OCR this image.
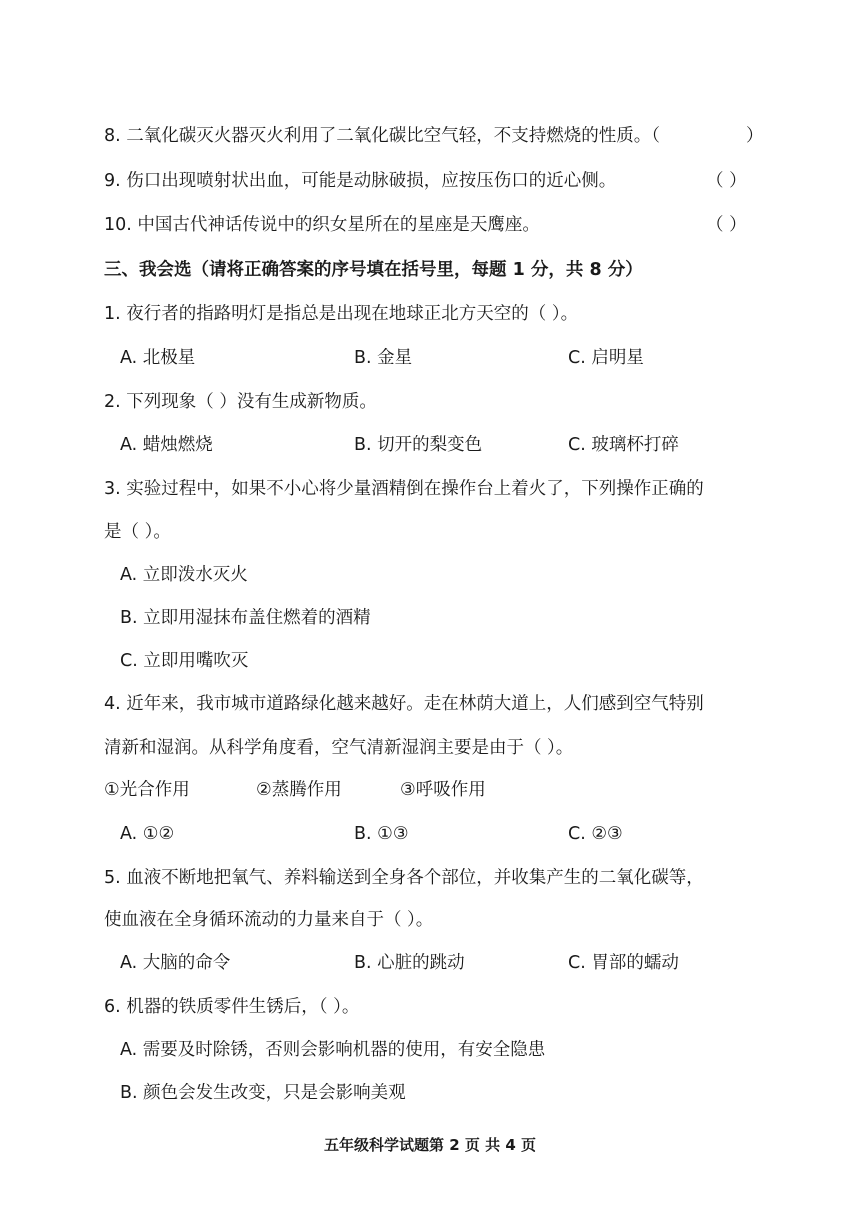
8. 二氧化碳灭火器灭火利用了二氧化碳比空气轻，不支持燃烧的性质。（	）
9. 伤口出现喷射状出血，可能是动脉破损，应按压伤口的近心侧。	（ ）
10. 中国古代神话传说中的织女星所在的星座是天鹰座。	（ ）
三、我会选（请将正确答案的序号填在括号里，每题 1 分，共 8 分）
1. 夜行者的指路明灯是指总是出现在地球正北方天空的（ ）。
A. 北极星	B. 金星	C. 启明星
2. 下列现象（ ）没有生成新物质。
A. 蜡烛燃烧	B. 切开的梨变色	C. 玻璃杯打碎
3. 实验过程中，如果不小心将少量酒精倒在操作台上着火了，下列操作正确的
是（ ）。
A. 立即泼水灭火
B. 立即用湿抹布盖住燃着的酒精
C. 立即用嘴吹灭
4. 近年来，我市城市道路绿化越来越好。走在林荫大道上，人们感到空气特别
清新和湿润。从科学角度看，空气清新湿润主要是由于（ ）。
①光合作用	②蒸腾作用	③呼吸作用
A. ①②	B. ①③	C. ②③
5. 血液不断地把氧气、养料输送到全身各个部位，并收集产生的二氧化碳等，
使血液在全身循环流动的力量来自于（ ）。
A. 大脑的命令	B. 心脏的跳动	C. 胃部的蠕动
6. 机器的铁质零件生锈后，（ ）。
A. 需要及时除锈，否则会影响机器的使用，有安全隐患
B. 颜色会发生改变，只是会影响美观
五年级科学试题第 2 页 共 4 页
